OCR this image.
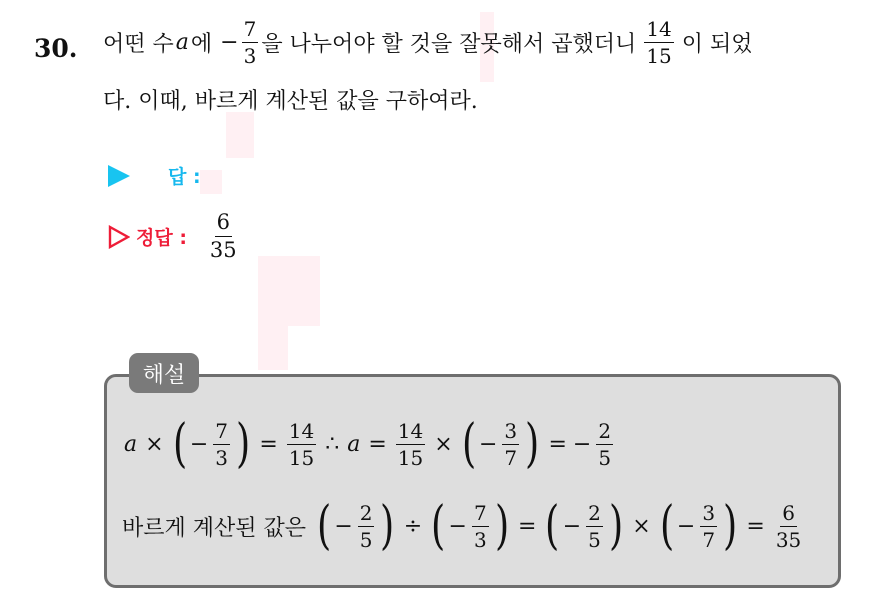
30. 어떤 수 a 에 − $\frac{7}{3}$ 을 나누어야 할 것을 잘못해서 곱했더니 $\frac{14}{15}$ 이 되었
다. 이때, 바르게 계산된 값을 구하여라.
답 :
정답 : $\frac{6}{35}$
해설
a × ( − $\frac{7}{3}$ ) = $\frac{14}{15}$ ∴ $a = \frac{14}{15}$ × ( − $\frac{3}{7}$ ) = − $\frac{2}{5}$
바르게 계산된 값은 ( − $\frac{2}{5}$ ) ÷ ( − $\frac{7}{3}$ ) = ( − $\frac{2}{5}$ ) × ( − $\frac{3}{7}$ ) = $\frac{6}{35}$
